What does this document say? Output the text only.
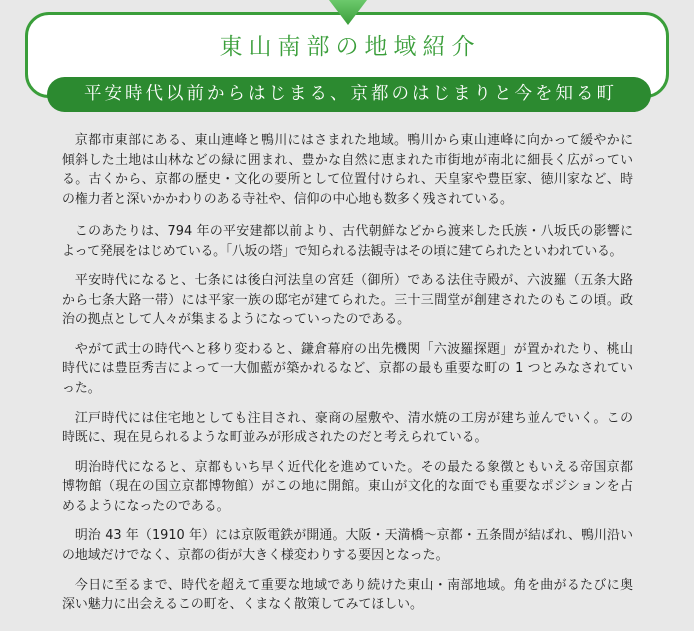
東山南部の地域紹介
平安時代以前からはじまる、京都のはじまりと今を知る町
京都市東部にある、東山連峰と鴨川にはさまれた地域。鴨川から東山連峰に向かって緩やかに
傾斜した土地は山林などの緑に囲まれ、豊かな自然に恵まれた市街地が南北に細長く広がってい
る。古くから、京都の歴史・文化の要所として位置付けられ、天皇家や豊臣家、徳川家など、時
の権力者と深いかかわりのある寺社や、信仰の中心地も数多く残されている。
このあたりは、794 年の平安建都以前より、古代朝鮮などから渡来した氏族・八坂氏の影響に
よって発展をはじめている。「八坂の塔」で知られる法観寺はその頃に建てられたといわれている。
平安時代になると、七条には後白河法皇の宮廷（御所）である法住寺殿が、六波羅（五条大路
から七条大路一帯）には平家一族の邸宅が建てられた。三十三間堂が創建されたのもこの頃。政
治の拠点として人々が集まるようになっていったのである。
やがて武士の時代へと移り変わると、鎌倉幕府の出先機関「六波羅探題」が置かれたり、桃山
時代には豊臣秀吉によって一大伽藍が築かれるなど、京都の最も重要な町の 1 つとみなされてい
った。
江戸時代には住宅地としても注目され、豪商の屋敷や、清水焼の工房が建ち並んでいく。この
時既に、現在見られるような町並みが形成されたのだと考えられている。
明治時代になると、京都もいち早く近代化を進めていた。その最たる象徴ともいえる帝国京都
博物館（現在の国立京都博物館）がこの地に開館。東山が文化的な面でも重要なポジションを占
めるようになったのである。
明治 43 年（1910 年）には京阪電鉄が開通。大阪・天満橋〜京都・五条間が結ばれ、鴨川沿い
の地域だけでなく、京都の街が大きく様変わりする要因となった。
今日に至るまで、時代を超えて重要な地域であり続けた東山・南部地域。角を曲がるたびに奥
深い魅力に出会えるこの町を、くまなく散策してみてほしい。
